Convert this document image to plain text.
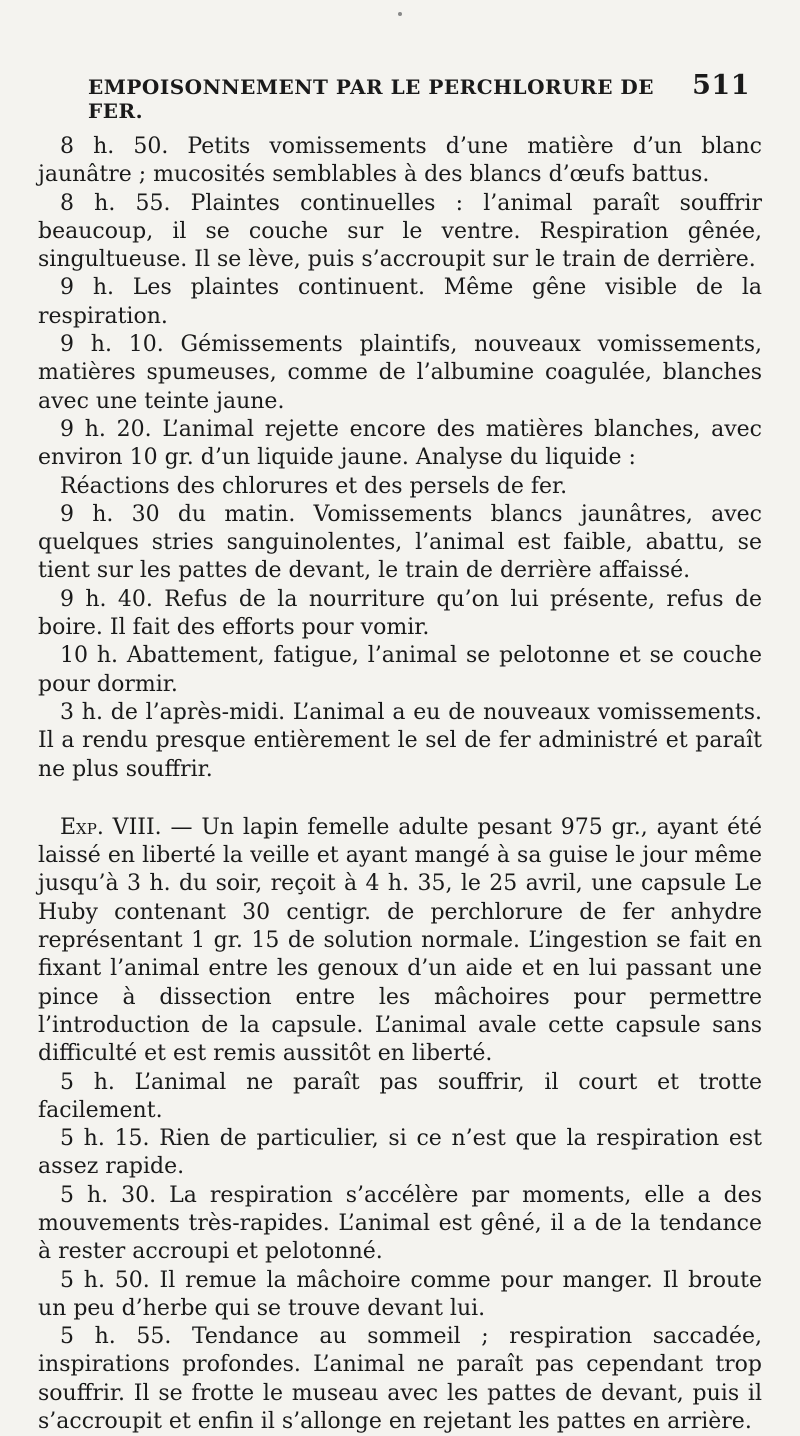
EMPOISONNEMENT PAR LE PERCHLORURE DE FER.
511

8 h. 50. Petits vomissements d’une matière d’un blanc jaunâtre ; mucosités semblables à des blancs d’œufs battus.

8 h. 55. Plaintes continuelles : l’animal paraît souffrir beaucoup, il se couche sur le ventre. Respiration gênée, singultueuse. Il se lève, puis s’accroupit sur le train de derrière.

9 h. Les plaintes continuent. Même gêne visible de la respiration.

9 h. 10. Gémissements plaintifs, nouveaux vomissements, matières spumeuses, comme de l’albumine coagulée, blanches avec une teinte jaune.

9 h. 20. L’animal rejette encore des matières blanches, avec environ 10 gr. d’un liquide jaune. Analyse du liquide :

Réactions des chlorures et des persels de fer.

9 h. 30 du matin. Vomissements blancs jaunâtres, avec quelques stries sanguinolentes, l’animal est faible, abattu, se tient sur les pattes de devant, le train de derrière affaissé.

9 h. 40. Refus de la nourriture qu’on lui présente, refus de boire. Il fait des efforts pour vomir.

10 h. Abattement, fatigue, l’animal se pelotonne et se couche pour dormir.

3 h. de l’après-midi. L’animal a eu de nouveaux vomissements. Il a rendu presque entièrement le sel de fer administré et paraît ne plus souffrir.

Exp. VIII. — Un lapin femelle adulte pesant 975 gr., ayant été laissé en liberté la veille et ayant mangé à sa guise le jour même jusqu’à 3 h. du soir, reçoit à 4 h. 35, le 25 avril, une capsule Le Huby contenant 30 centigr. de perchlorure de fer anhydre représentant 1 gr. 15 de solution normale. L’ingestion se fait en fixant l’animal entre les genoux d’un aide et en lui passant une pince à dissection entre les mâchoires pour permettre l’introduction de la capsule. L’animal avale cette capsule sans difficulté et est remis aussitôt en liberté.

5 h. L’animal ne paraît pas souffrir, il court et trotte facilement.

5 h. 15. Rien de particulier, si ce n’est que la respiration est assez rapide.

5 h. 30. La respiration s’accélère par moments, elle a des mouvements très-rapides. L’animal est gêné, il a de la tendance à rester accroupi et pelotonné.

5 h. 50. Il remue la mâchoire comme pour manger. Il broute un peu d’herbe qui se trouve devant lui.

5 h. 55. Tendance au sommeil ; respiration saccadée, inspirations profondes. L’animal ne paraît pas cependant trop souffrir. Il se frotte le museau avec les pattes de devant, puis il s’accroupit et enfin il s’allonge en rejetant les pattes en arrière.
